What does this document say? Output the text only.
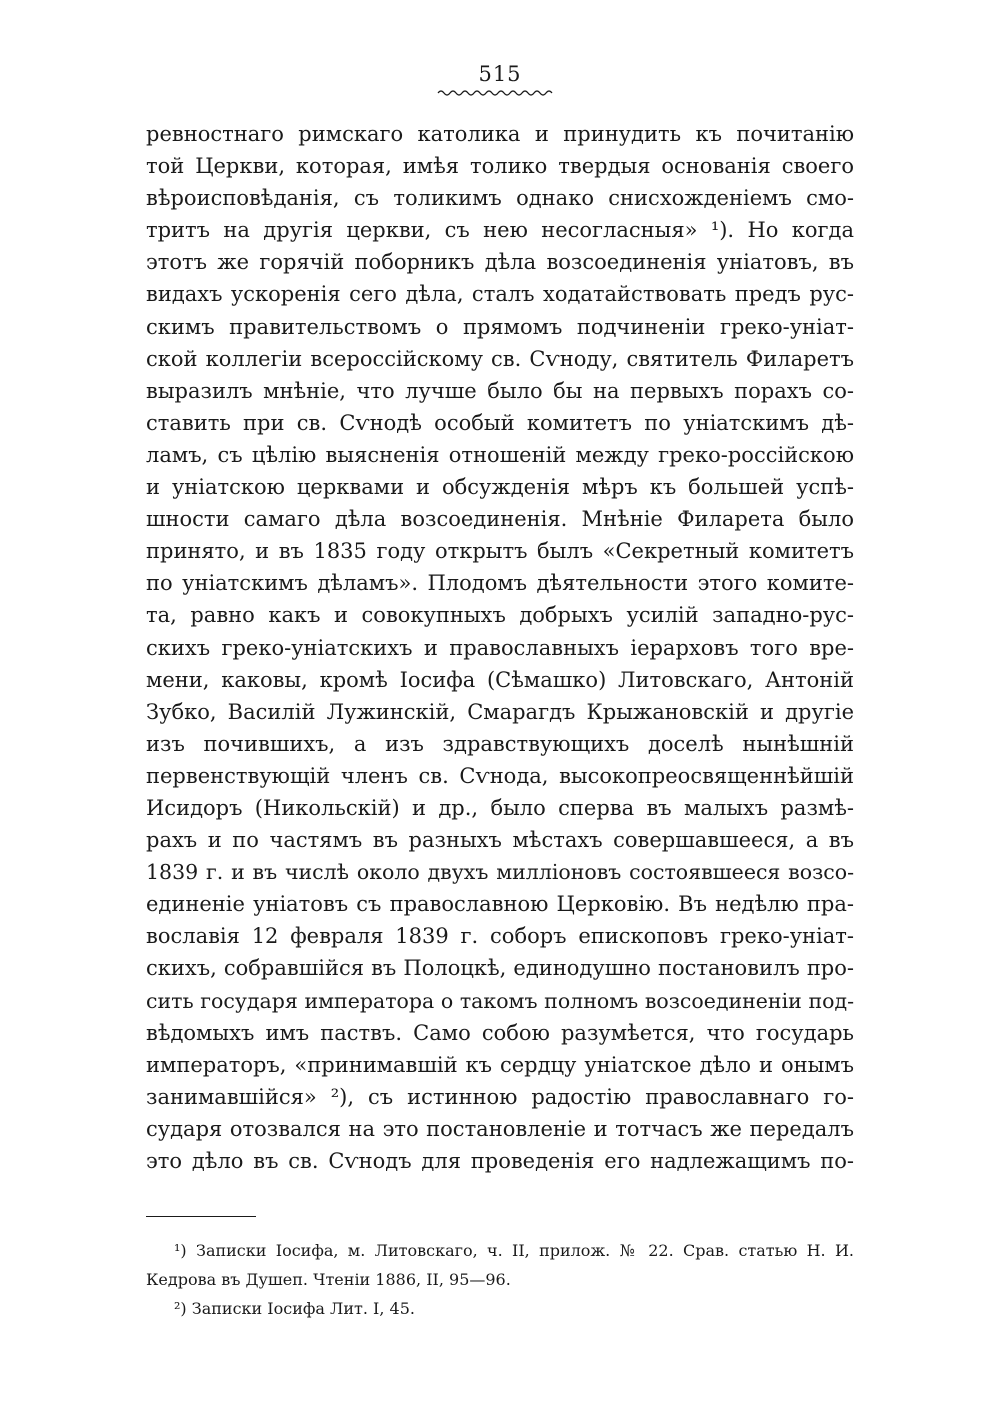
515
ревностнаго римскаго католика и принудить къ почитанію
той Церкви, которая, имѣя толико твердыя основанія своего
вѣроисповѣданія, съ толикимъ однако снисхожденіемъ смо-
тритъ на другія церкви, съ нею несогласныя» ¹). Но когда
этотъ же горячій поборникъ дѣла возсоединенія уніатовъ, въ
видахъ ускоренія сего дѣла, сталъ ходатайствовать предъ рус-
скимъ правительствомъ о прямомъ подчиненіи греко-уніат-
ской коллегіи всероссійскому св. Сѵноду, святитель Филаретъ
выразилъ мнѣніе, что лучше было бы на первыхъ порахъ со-
ставить при св. Сѵнодѣ особый комитетъ по уніатскимъ дѣ-
ламъ, съ цѣлію выясненія отношеній между греко-россійскою
и уніатскою церквами и обсужденія мѣръ къ большей успѣ-
шности самаго дѣла возсоединенія. Мнѣніе Филарета было
принято, и въ 1835 году открытъ былъ «Секретный комитетъ
по уніатскимъ дѣламъ». Плодомъ дѣятельности этого комите-
та, равно какъ и совокупныхъ добрыхъ усилій западно-рус-
скихъ греко-уніатскихъ и православныхъ іерарховъ того вре-
мени, каковы, кромѣ Іосифа (Сѣмашко) Литовскаго, Антоній
Зубко, Василій Лужинскій, Смарагдъ Крыжановскій и другіе
изъ почившихъ, а изъ здравствующихъ доселѣ нынѣшній
первенствующій членъ св. Сѵнода, высокопреосвященнѣйшій
Исидоръ (Никольскій) и др., было сперва въ малыхъ размѣ-
рахъ и по частямъ въ разныхъ мѣстахъ совершавшееся, а въ
1839 г. и въ числѣ около двухъ милліоновъ состоявшееся возсо-
единеніе уніатовъ съ православною Церковію. Въ недѣлю пра-
вославія 12 февраля 1839 г. соборъ епископовъ греко-уніат-
скихъ, собравшійся въ Полоцкѣ, единодушно постановилъ про-
сить государя императора о такомъ полномъ возсоединеніи под-
вѣдомыхъ имъ паствъ. Само собою разумѣется, что государь
императоръ, «принимавшій къ сердцу уніатское дѣло и онымъ
занимавшійся» ²), съ истинною радостію православнаго го-
сударя отозвался на это постановленіе и тотчасъ же передалъ
это дѣло въ св. Сѵнодъ для проведенія его надлежащимъ по-
¹) Записки Іосифа, м. Литовскаго, ч. II, прилож. № 22. Срав. статью Н. И.
Кедрова въ Душеп. Чтеніи 1886, II, 95—96.
²) Записки Іосифа Лит. I, 45.
